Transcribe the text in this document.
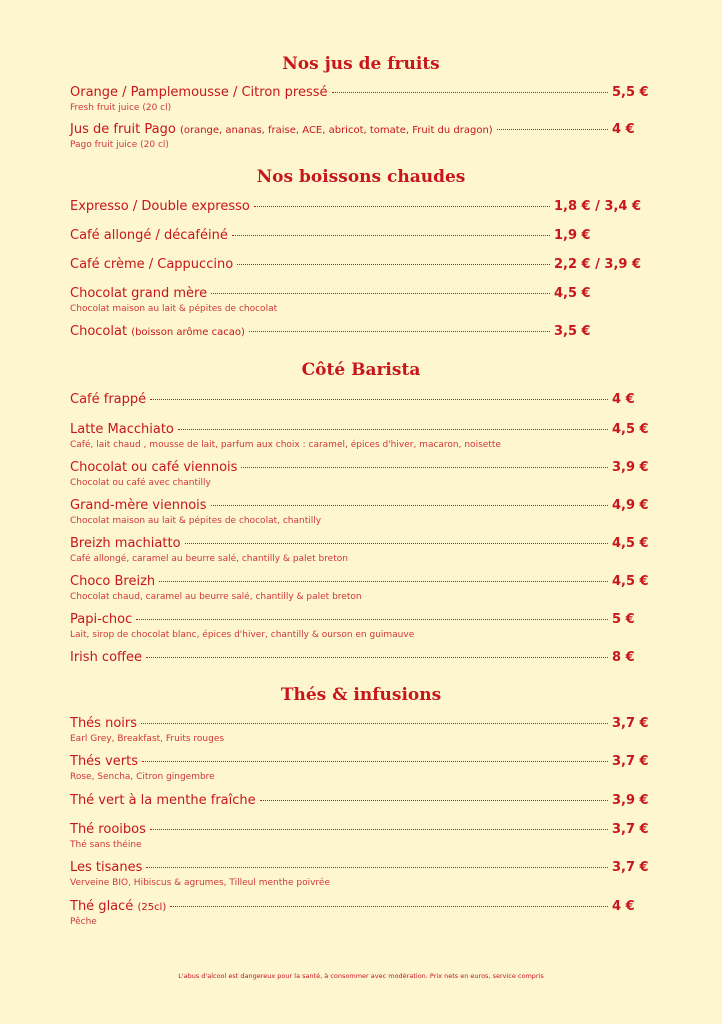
Nos jus de fruits
Orange / Pamplemousse / Citron pressé	5,5 €
Fresh fruit juice (20 cl)
Jus de fruit Pago (orange, ananas, fraise, ACE, abricot, tomate, Fruit du dragon)	4 €
Pago fruit juice (20 cl)
Nos boissons chaudes
Expresso / Double expresso	1,8 € / 3,4 €
Café allongé / décaféiné	1,9 €
Café crème / Cappuccino	2,2 € / 3,9 €
Chocolat grand mère	4,5 €
Chocolat maison au lait & pépites de chocolat
Chocolat (boisson arôme cacao)	3,5 €
Côté Barista
Café frappé	4 €
Latte Macchiato	4,5 €
Café, lait chaud , mousse de lait, parfum aux choix : caramel, épices d'hiver, macaron, noisette
Chocolat ou café viennois	3,9 €
Chocolat ou café avec chantilly
Grand-mère viennois	4,9 €
Chocolat maison au lait & pépites de chocolat, chantilly
Breizh machiatto	4,5 €
Café allongé, caramel au beurre salé, chantilly & palet breton
Choco Breizh	4,5 €
Chocolat chaud, caramel au beurre salé, chantilly & palet breton
Papi-choc	5 €
Lait, sirop de chocolat blanc, épices d'hiver, chantilly & ourson en guimauve
Irish coffee	8 €
Thés & infusions
Thés noirs	3,7 €
Earl Grey, Breakfast, Fruits rouges
Thés verts	3,7 €
Rose, Sencha, Citron gingembre
Thé vert à la menthe fraîche	3,9 €
Thé rooibos	3,7 €
Thé sans théine
Les tisanes	3,7 €
Verveine BIO, Hibiscus & agrumes, Tilleul menthe poivrée
Thé glacé (25cl)	4 €
Pêche
L'abus d'alcool est dangereux pour la santé, à consommer avec modération. Prix nets en euros, service compris
